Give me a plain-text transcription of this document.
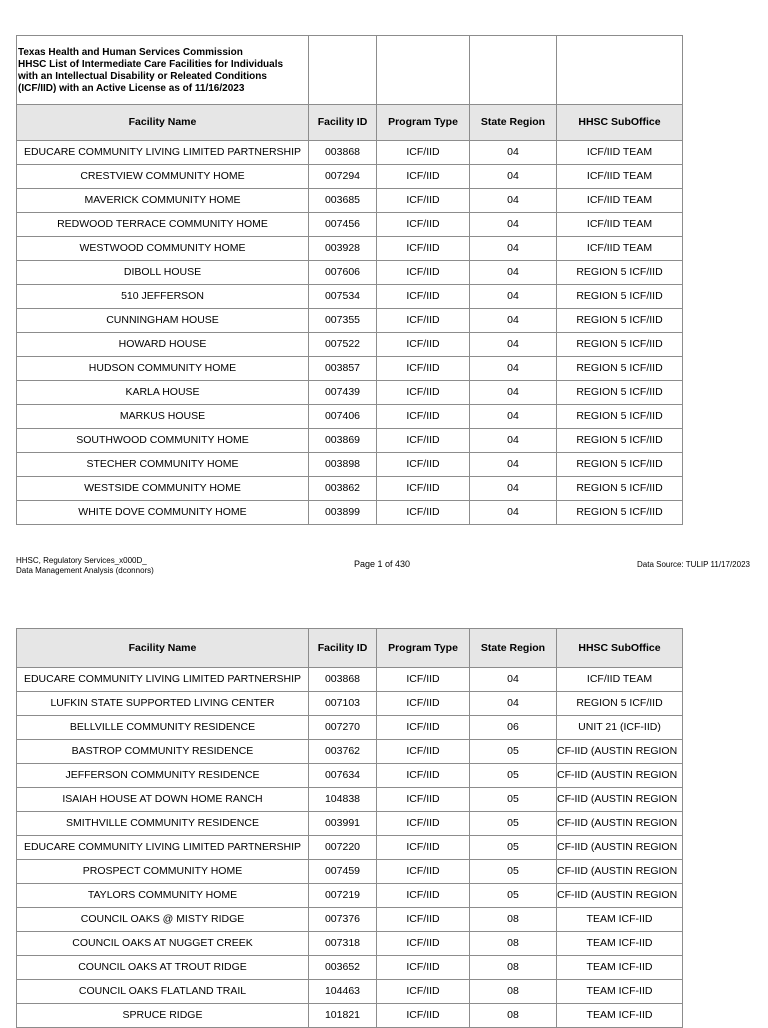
Texas Health and Human Services Commission
HHSC List of Intermediate Care Facilities for Individuals
with an Intellectual Disability or Releated Conditions
(ICF/IID) with an Active License as of 11/16/2023				

Facility Name	Facility ID	Program Type	State Region	HHSC SubOffice
EDUCARE COMMUNITY LIVING LIMITED PARTNERSHIP	003868	ICF/IID	04	ICF/IID TEAM
CRESTVIEW COMMUNITY HOME	007294	ICF/IID	04	ICF/IID TEAM
MAVERICK COMMUNITY HOME	003685	ICF/IID	04	ICF/IID TEAM
REDWOOD TERRACE COMMUNITY HOME	007456	ICF/IID	04	ICF/IID TEAM
WESTWOOD COMMUNITY HOME	003928	ICF/IID	04	ICF/IID TEAM
DIBOLL HOUSE	007606	ICF/IID	04	REGION 5 ICF/IID
510 JEFFERSON	007534	ICF/IID	04	REGION 5 ICF/IID
CUNNINGHAM HOUSE	007355	ICF/IID	04	REGION 5 ICF/IID
HOWARD HOUSE	007522	ICF/IID	04	REGION 5 ICF/IID
HUDSON COMMUNITY HOME	003857	ICF/IID	04	REGION 5 ICF/IID
KARLA HOUSE	007439	ICF/IID	04	REGION 5 ICF/IID
MARKUS HOUSE	007406	ICF/IID	04	REGION 5 ICF/IID
SOUTHWOOD COMMUNITY HOME	003869	ICF/IID	04	REGION 5 ICF/IID
STECHER COMMUNITY HOME	003898	ICF/IID	04	REGION 5 ICF/IID
WESTSIDE COMMUNITY HOME	003862	ICF/IID	04	REGION 5 ICF/IID
WHITE DOVE COMMUNITY HOME	003899	ICF/IID	04	REGION 5 ICF/IID
HHSC, Regulatory Services_x000D_
Data Management Analysis (dconnors)
Page 1 of 430	Data Source: TULIP 11/17/2023
Facility Name	Facility ID	Program Type	State Region	HHSC SubOffice
EDUCARE COMMUNITY LIVING LIMITED PARTNERSHIP	003868	ICF/IID	04	ICF/IID TEAM
LUFKIN STATE SUPPORTED LIVING CENTER	007103	ICF/IID	04	REGION 5 ICF/IID
BELLVILLE COMMUNITY RESIDENCE	007270	ICF/IID	06	UNIT 21 (ICF-IID)
BASTROP COMMUNITY RESIDENCE	003762	ICF/IID	05	CF-IID (AUSTIN REGION
JEFFERSON COMMUNITY RESIDENCE	007634	ICF/IID	05	CF-IID (AUSTIN REGION
ISAIAH HOUSE AT DOWN HOME RANCH	104838	ICF/IID	05	CF-IID (AUSTIN REGION
SMITHVILLE COMMUNITY RESIDENCE	003991	ICF/IID	05	CF-IID (AUSTIN REGION
EDUCARE COMMUNITY LIVING LIMITED PARTNERSHIP	007220	ICF/IID	05	CF-IID (AUSTIN REGION
PROSPECT COMMUNITY HOME	007459	ICF/IID	05	CF-IID (AUSTIN REGION
TAYLORS COMMUNITY HOME	007219	ICF/IID	05	CF-IID (AUSTIN REGION
COUNCIL OAKS @ MISTY RIDGE	007376	ICF/IID	08	TEAM ICF-IID
COUNCIL OAKS AT NUGGET CREEK	007318	ICF/IID	08	TEAM ICF-IID
COUNCIL OAKS AT TROUT RIDGE	003652	ICF/IID	08	TEAM ICF-IID
COUNCIL OAKS FLATLAND TRAIL	104463	ICF/IID	08	TEAM ICF-IID
SPRUCE RIDGE	101821	ICF/IID	08	TEAM ICF-IID
